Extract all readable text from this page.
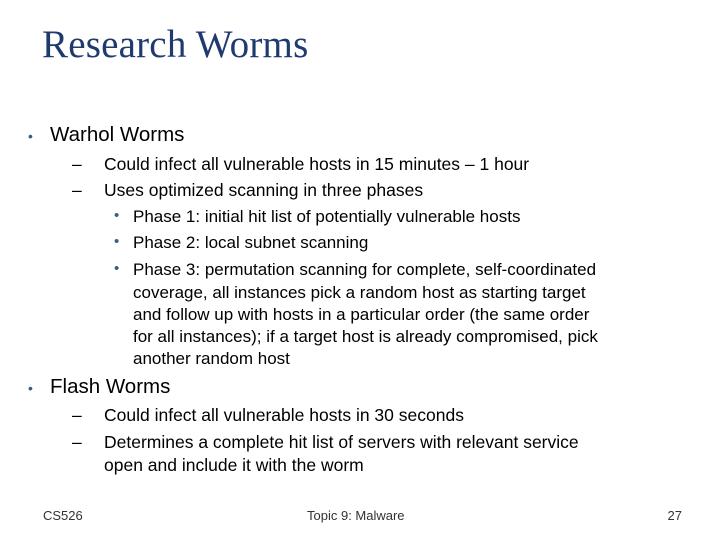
Research Worms
• Warhol Worms
– Could infect all vulnerable hosts in 15 minutes – 1 hour
– Uses optimized scanning in three phases
• Phase 1: initial hit list of potentially vulnerable hosts
• Phase 2: local subnet scanning
• Phase 3: permutation scanning for complete, self-coordinated
coverage, all instances pick a random host as starting target
and follow up with hosts in a particular order (the same order
for all instances); if a target host is already compromised, pick
another random host
• Flash Worms
– Could infect all vulnerable hosts in 30 seconds
– Determines a complete hit list of servers with relevant service
open and include it with the worm
CS526	Topic 9: Malware	27
